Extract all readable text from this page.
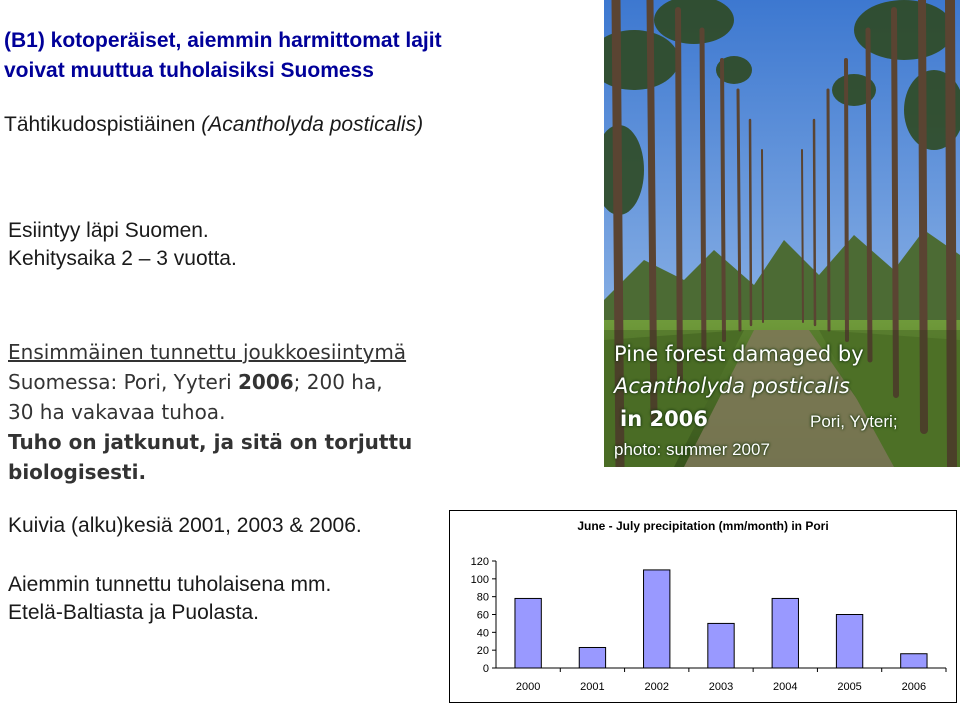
(B1) kotoperäiset, aiemmin harmittomat lajit
voivat muuttua tuholaisiksi Suomess
Tähtikudospistiäinen (Acantholyda posticalis)
Esiintyy läpi Suomen.
Kehitysaika 2 – 3 vuotta.
Ensimmäinen tunnettu joukkoesiintymä
Suomessa: Pori, Yyteri 2006; 200 ha,
30 ha vakavaa tuhoa.
Tuho on jatkunut, ja sitä on torjuttu
biologisesti.
Kuivia (alku)kesiä 2001, 2003 & 2006.
Aiemmin tunnettu tuholaisena mm.
Etelä-Baltiasta ja Puolasta.
Pine forest damaged by
Acantholyda posticalis
in 2006	Pori, Yyteri;
photo: summer 2007
June - July precipitation (mm/month) in Pori
0
20
40
60
80
100
120
2000	2001	2002	2003	2004	2005	2006
